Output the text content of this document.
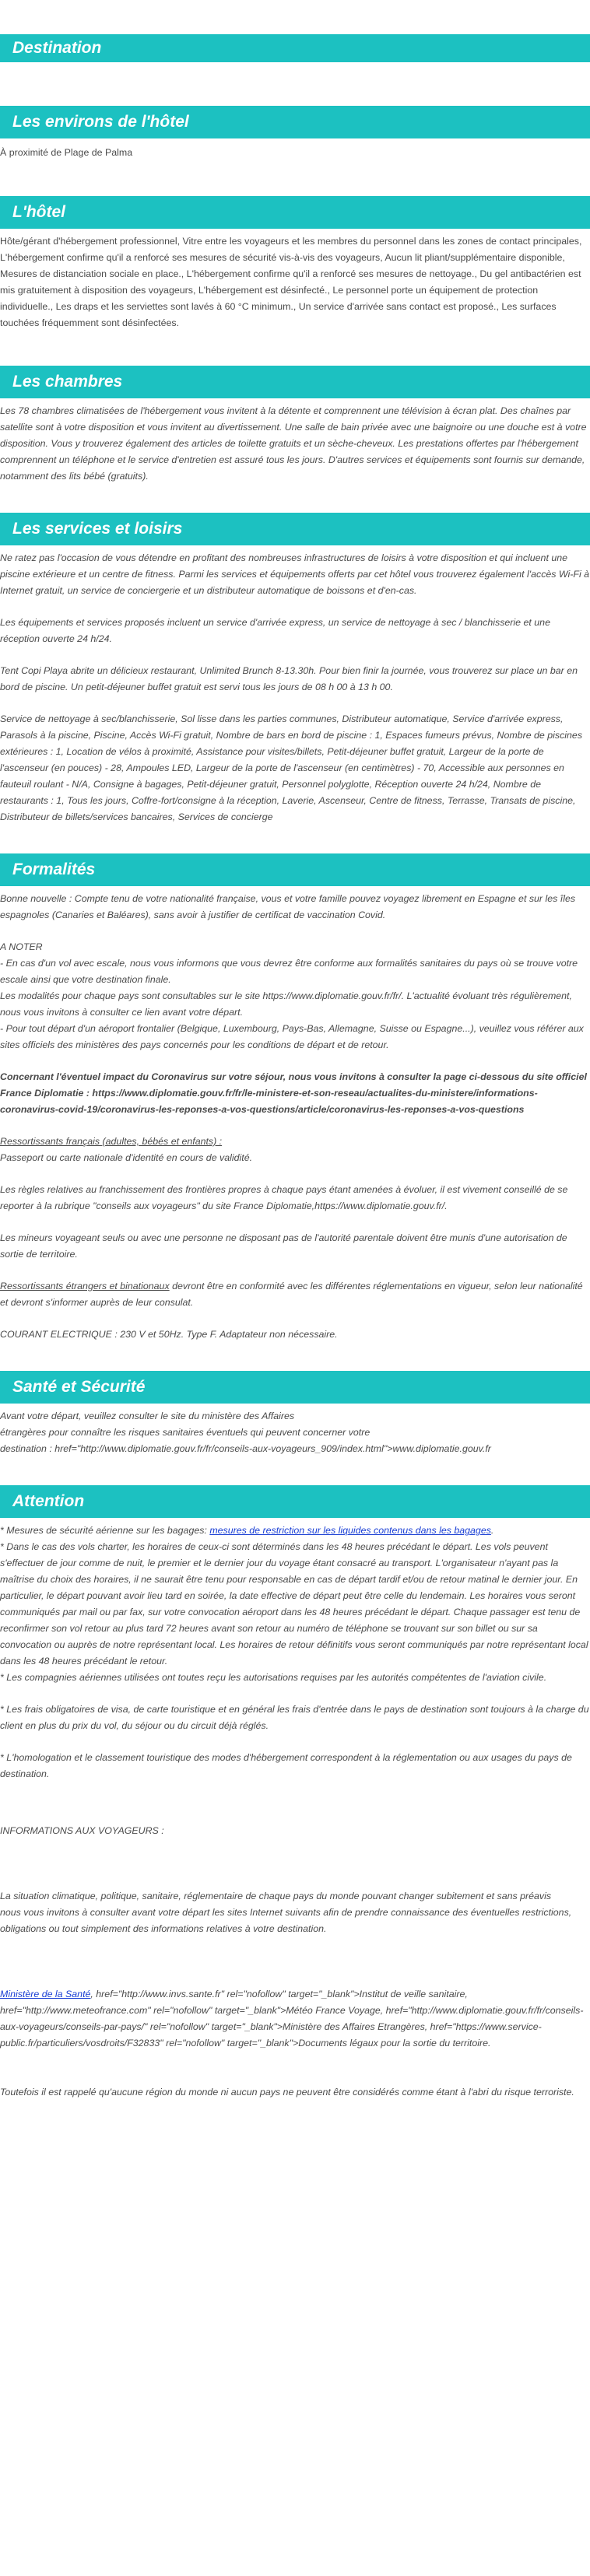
Destination
Les environs de l'hôtel

À proximité de Plage de Palma

L'hôtel

Hôte/gérant d'hébergement professionnel, Vitre entre les voyageurs et les membres du personnel dans les zones de contact principales, L'hébergement confirme qu'il a renforcé ses mesures de sécurité vis-à-vis des voyageurs, Aucun lit pliant/supplémentaire disponible, Mesures de distanciation sociale en place., L'hébergement confirme qu'il a renforcé ses mesures de nettoyage., Du gel antibactérien est mis gratuitement à disposition des voyageurs, L'hébergement est désinfecté., Le personnel porte un équipement de protection individuelle., Les draps et les serviettes sont lavés à 60 °C minimum., Un service d'arrivée sans contact est proposé., Les surfaces touchées fréquemment sont désinfectées.

Les chambres

Les 78 chambres climatisées de l'hébergement vous invitent à la détente et comprennent une télévision à écran plat. Des chaînes par satellite sont à votre disposition et vous invitent au divertissement. Une salle de bain privée avec une baignoire ou une douche est à votre disposition. Vous y trouverez également des articles de toilette gratuits et un sèche-cheveux. Les prestations offertes par l'hébergement comprennent un téléphone et le service d'entretien est assuré tous les jours. D'autres services et équipements sont fournis sur demande, notamment des lits bébé (gratuits).

Les services et loisirs

Ne ratez pas l'occasion de vous détendre en profitant des nombreuses infrastructures de loisirs à votre disposition et qui incluent une piscine extérieure et un centre de fitness. Parmi les services et équipements offerts par cet hôtel vous trouverez également l'accès Wi-Fi à Internet gratuit, un service de conciergerie et un distributeur automatique de boissons et d'en-cas.

Les équipements et services proposés incluent un service d'arrivée express, un service de nettoyage à sec / blanchisserie et une réception ouverte 24 h/24.

Tent Copi Playa abrite un délicieux restaurant, Unlimited Brunch 8-13.30h. Pour bien finir la journée, vous trouverez sur place un bar en bord de piscine. Un petit-déjeuner buffet gratuit est servi tous les jours de 08 h 00 à 13 h 00.

Service de nettoyage à sec/blanchisserie, Sol lisse dans les parties communes, Distributeur automatique, Service d'arrivée express, Parasols à la piscine, Piscine, Accès Wi-Fi gratuit, Nombre de bars en bord de piscine : 1, Espaces fumeurs prévus, Nombre de piscines extérieures : 1, Location de vélos à proximité, Assistance pour visites/billets, Petit-déjeuner buffet gratuit, Largeur de la porte de l'ascenseur (en pouces) - 28, Ampoules LED, Largeur de la porte de l'ascenseur (en centimètres) - 70, Accessible aux personnes en fauteuil roulant - N/A, Consigne à bagages, Petit-déjeuner gratuit, Personnel polyglotte, Réception ouverte 24 h/24, Nombre de restaurants : 1, Tous les jours, Coffre-fort/consigne à la réception, Laverie, Ascenseur, Centre de fitness, Terrasse, Transats de piscine, Distributeur de billets/services bancaires, Services de concierge

Formalités

Bonne nouvelle : Compte tenu de votre nationalité française, vous et votre famille pouvez voyagez librement en Espagne et sur les îles espagnoles (Canaries et Baléares), sans avoir à justifier de certificat de vaccination Covid.

A NOTER

- En cas d'un vol avec escale, nous vous informons que vous devrez être conforme aux formalités sanitaires du pays où se trouve votre escale ainsi que votre destination finale.

Les modalités pour chaque pays sont consultables sur le site https://www.diplomatie.gouv.fr/fr/. L'actualité évoluant très régulièrement, nous vous invitons à consulter ce lien avant votre départ.

- Pour tout départ d'un aéroport frontalier (Belgique, Luxembourg, Pays-Bas, Allemagne, Suisse ou Espagne...), veuillez vous référer aux sites officiels des ministères des pays concernés pour les conditions de départ et de retour.

Concernant l'éventuel impact du Coronavirus sur votre séjour, nous vous invitons à consulter la page ci-dessous du site officiel France Diplomatie : https://www.diplomatie.gouv.fr/fr/le-ministere-et-son-reseau/actualites-du-ministere/informations-coronavirus-covid-19/coronavirus-les-reponses-a-vos-questions/article/coronavirus-les-reponses-a-vos-questions

Ressortissants français (adultes, bébés et enfants) :

Passeport ou carte nationale d'identité en cours de validité.

Les règles relatives au franchissement des frontières propres à chaque pays étant amenées à évoluer, il est vivement conseillé de se reporter à la rubrique "conseils aux voyageurs" du site France Diplomatie,https://www.diplomatie.gouv.fr/.

Les mineurs voyageant seuls ou avec une personne ne disposant pas de l'autorité parentale doivent être munis d'une autorisation de sortie de territoire.

Ressortissants étrangers et binationaux devront être en conformité avec les différentes réglementations en vigueur, selon leur nationalité et devront s'informer auprès de leur consulat.

COURANT ELECTRIQUE : 230 V et 50Hz. Type F. Adaptateur non nécessaire.

Santé et Sécurité

Avant votre départ, veuillez consulter le site du ministère des Affaires

étrangères pour connaître les risques sanitaires éventuels qui peuvent concerner votre

destination : href="http://www.diplomatie.gouv.fr/fr/conseils-aux-voyageurs_909/index.html">www.diplomatie.gouv.fr

Attention

* Mesures de sécurité aérienne sur les bagages: mesures de restriction sur les liquides contenus dans les bagages.

* Dans le cas des vols charter, les horaires de ceux-ci sont déterminés dans les 48 heures précédant le départ. Les vols peuvent s'effectuer de jour comme de nuit, le premier et le dernier jour du voyage étant consacré au transport. L'organisateur n'ayant pas la maîtrise du choix des horaires, il ne saurait être tenu pour responsable en cas de départ tardif et/ou de retour matinal le dernier jour. En particulier, le départ pouvant avoir lieu tard en soirée, la date effective de départ peut être celle du lendemain. Les horaires vous seront communiqués par mail ou par fax, sur votre convocation aéroport dans les 48 heures précédant le départ. Chaque passager est tenu de reconfirmer son vol retour au plus tard 72 heures avant son retour au numéro de téléphone se trouvant sur son billet ou sur sa convocation ou auprès de notre représentant local. Les horaires de retour définitifs vous seront communiqués par notre représentant local dans les 48 heures précédant le retour.

* Les compagnies aériennes utilisées ont toutes reçu les autorisations requises par les autorités compétentes de l'aviation civile.

* Les frais obligatoires de visa, de carte touristique et en général les frais d'entrée dans le pays de destination sont toujours à la charge du client en plus du prix du vol, du séjour ou du circuit déjà réglés.

* L'homologation et le classement touristique des modes d'hébergement correspondent à la réglementation ou aux usages du pays de destination.

INFORMATIONS AUX VOYAGEURS :

La situation climatique, politique, sanitaire, réglementaire de chaque pays du monde pouvant changer subitement et sans préavis

nous vous invitons à consulter avant votre départ les sites Internet suivants afin de prendre connaissance des éventuelles restrictions, obligations ou tout simplement des informations relatives à votre destination.

Ministère de la Santé, href="http://www.invs.sante.fr" rel="nofollow" target="_blank">Institut de veille sanitaire, href="http://www.meteofrance.com" rel="nofollow" target="_blank">Météo France Voyage, href="http://www.diplomatie.gouv.fr/fr/conseils-aux-voyageurs/conseils-par-pays/" rel="nofollow" target="_blank">Ministère des Affaires Etrangères, href="https://www.service-public.fr/particuliers/vosdroits/F32833" rel="nofollow" target="_blank">Documents légaux pour la sortie du territoire.

Toutefois il est rappelé qu'aucune région du monde ni aucun pays ne peuvent être considérés comme étant à l'abri du risque terroriste.
